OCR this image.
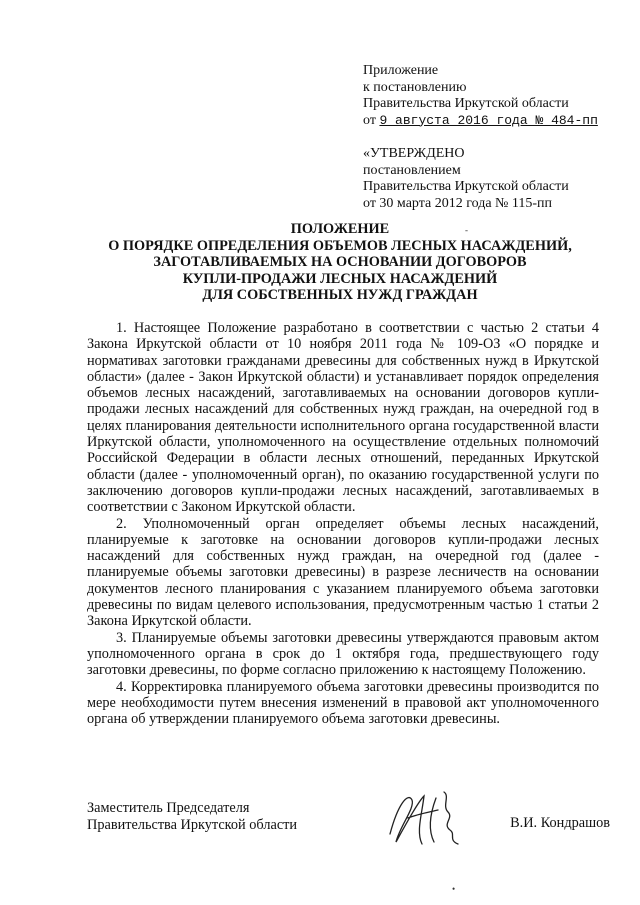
Приложение
к постановлению
Правительства Иркутской области
от 9 августа 2016 года № 484-пп
«УТВЕРЖДЕНО
постановлением
Правительства Иркутской области
от 30 марта 2012 года № 115-пп
ПОЛОЖЕНИЕ
О ПОРЯДКЕ ОПРЕДЕЛЕНИЯ ОБЪЕМОВ ЛЕСНЫХ НАСАЖДЕНИЙ,
ЗАГОТАВЛИВАЕМЫХ НА ОСНОВАНИИ ДОГОВОРОВ
КУПЛИ-ПРОДАЖИ ЛЕСНЫХ НАСАЖДЕНИЙ
ДЛЯ СОБСТВЕННЫХ НУЖД ГРАЖДАН

1. Настоящее Положение разработано в соответствии с частью 2 статьи 4 Закона Иркутской области от 10 ноября 2011 года № 109-ОЗ «О порядке и нормативах заготовки гражданами древесины для собственных нужд в Иркутской области» (далее - Закон Иркутской области) и устанавливает порядок определения объемов лесных насаждений, заготавливаемых на основании договоров купли-продажи лесных насаждений для собственных нужд граждан, на очередной год в целях планирования деятельности исполнительного органа государственной власти Иркутской области, уполномоченного на осуществление отдельных полномочий Российской Федерации в области лесных отношений, переданных Иркутской области (далее - уполномоченный орган), по оказанию государственной услуги по заключению договоров купли-продажи лесных насаждений, заготавливаемых в соответствии с Законом Иркутской области.

2. Уполномоченный орган определяет объемы лесных насаждений, планируемые к заготовке на основании договоров купли-продажи лесных насаждений для собственных нужд граждан, на очередной год (далее - планируемые объемы заготовки древесины) в разрезе лесничеств на основании документов лесного планирования с указанием планируемого объема заготовки древесины по видам целевого использования, предусмотренным частью 1 статьи 2 Закона Иркутской области.

3. Планируемые объемы заготовки древесины утверждаются правовым актом уполномоченного органа в срок до 1 октября года, предшествующего году заготовки древесины, по форме согласно приложению к настоящему Положению.

4. Корректировка планируемого объема заготовки древесины производится по мере необходимости путем внесения изменений в правовой акт уполномоченного органа об утверждении планируемого объема заготовки древесины.

Заместитель Председателя
Правительства Иркутской области	В.И. Кондрашов
-
•
